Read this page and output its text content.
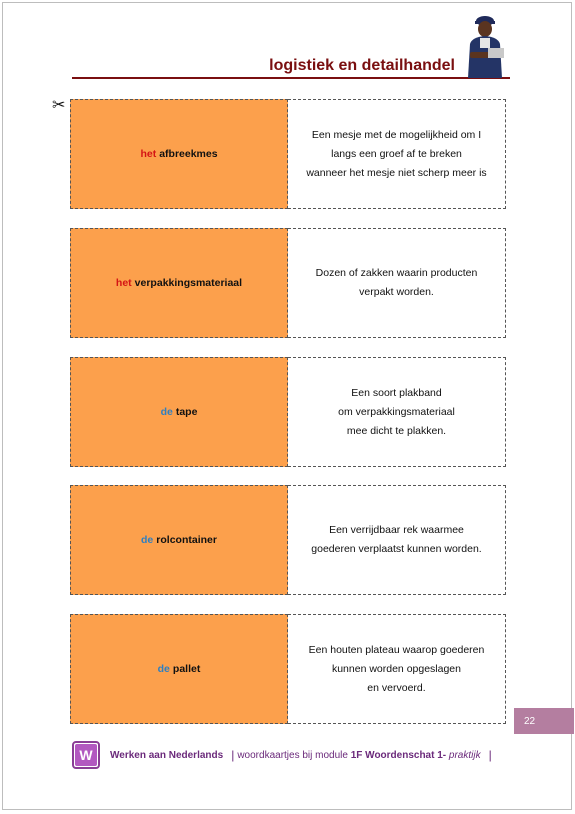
logistiek en detailhandel
✂
het afbreekmes
Een mesje met de mogelijkheid om I
langs een groef af te breken
wanneer het mesje niet scherp meer is
het verpakkingsmateriaal
Dozen of zakken waarin producten
verpakt worden.
de tape
Een soort plakband
om verpakkingsmateriaal
mee dicht te plakken.
de rolcontainer
Een verrijdbaar rek waarmee
goederen verplaatst kunnen worden.
de pallet
Een houten plateau waarop goederen
kunnen worden opgeslagen
en vervoerd.
22
W	Werken aan Nederlands | woordkaartjes bij module 1F Woordenschat 1- praktijk |
